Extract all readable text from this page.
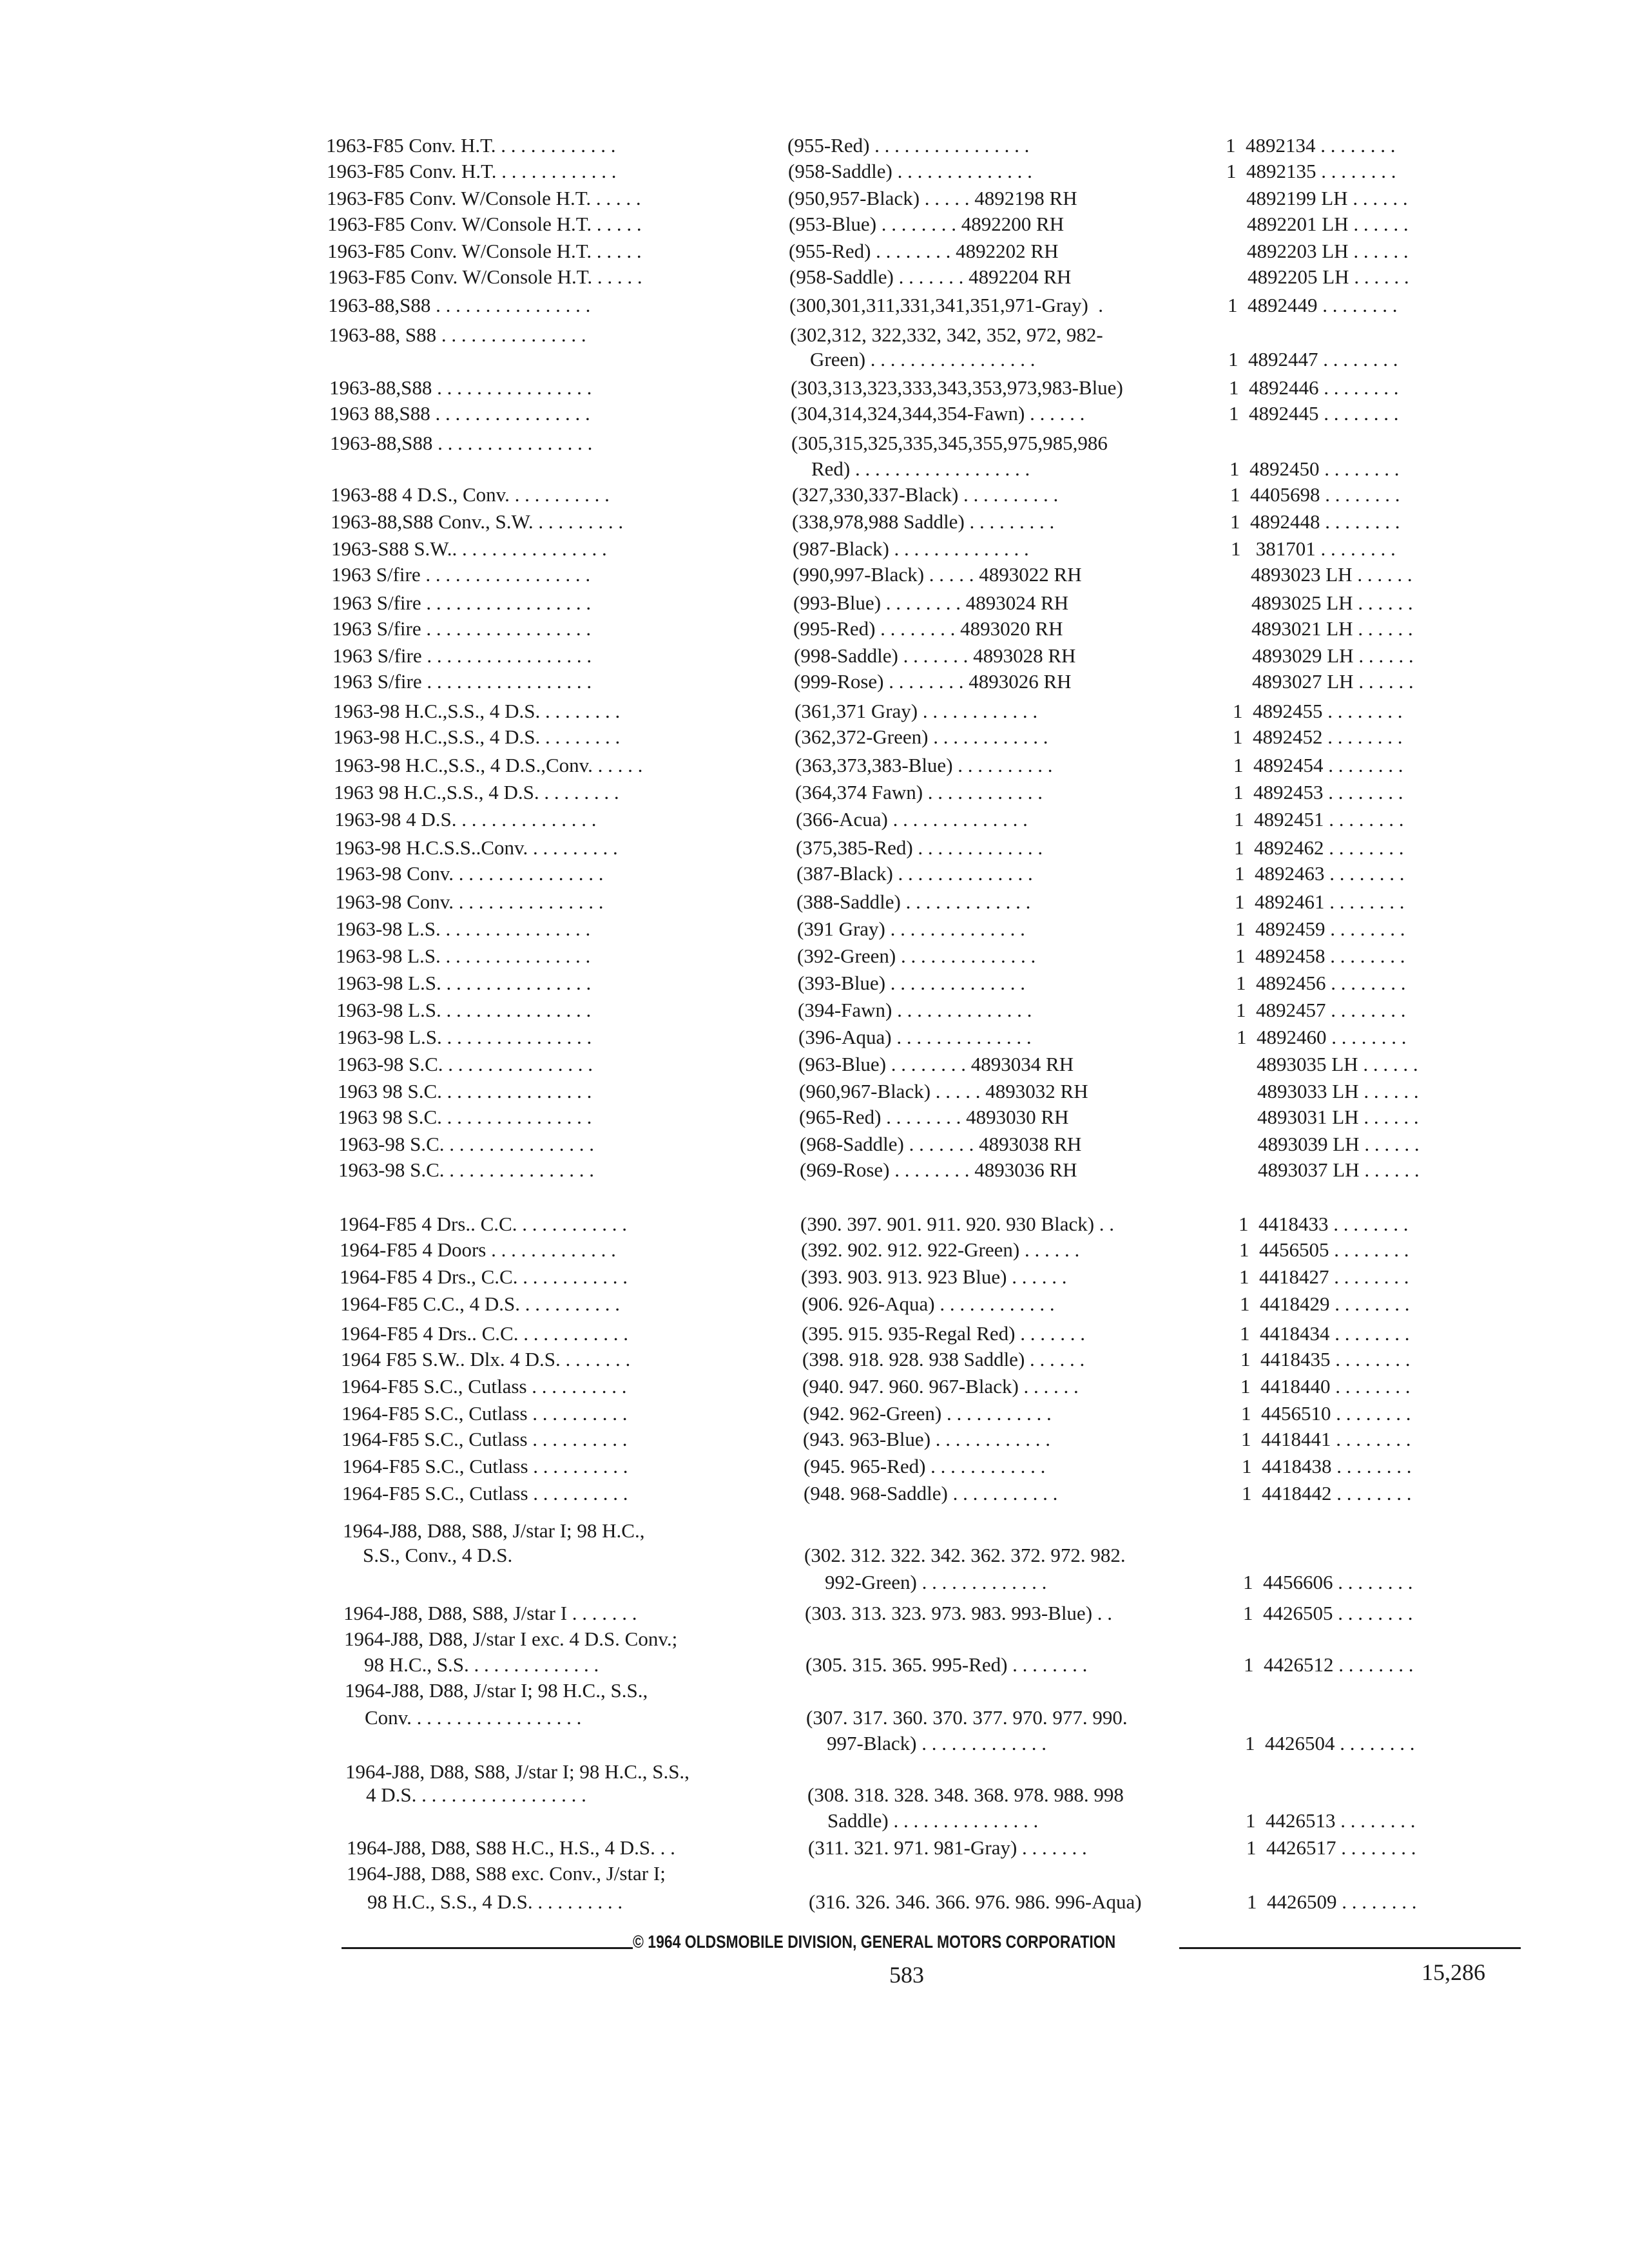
1963-F85 Conv. H.T. . . . . . . . . . . . .	(955-Red) . . . . . . . . . . . . . . . .	1  4892134 . . . . . . . .
1963-F85 Conv. H.T. . . . . . . . . . . . .	(958-Saddle) . . . . . . . . . . . . . .	1  4892135 . . . . . . . .
1963-F85 Conv. W/Console H.T. . . . . .	(950,957-Black) . . . . . 4892198 RH	4892199 LH . . . . . .
1963-F85 Conv. W/Console H.T. . . . . .	(953-Blue) . . . . . . . . 4892200 RH	4892201 LH . . . . . .
1963-F85 Conv. W/Console H.T. . . . . .	(955-Red) . . . . . . . . 4892202 RH	4892203 LH . . . . . .
1963-F85 Conv. W/Console H.T. . . . . .	(958-Saddle) . . . . . . . 4892204 RH	4892205 LH . . . . . .
1963-88,S88 . . . . . . . . . . . . . . . .	(300,301,311,331,341,351,971-Gray)  .	1  4892449 . . . . . . . .
1963-88, S88 . . . . . . . . . . . . . . .	(302,312, 322,332, 342, 352, 972, 982-
Green) . . . . . . . . . . . . . . . . .	1  4892447 . . . . . . . .
1963-88,S88 . . . . . . . . . . . . . . . .	(303,313,323,333,343,353,973,983-Blue)	1  4892446 . . . . . . . .
1963 88,S88 . . . . . . . . . . . . . . . .	(304,314,324,344,354-Fawn) . . . . . .	1  4892445 . . . . . . . .
1963-88,S88 . . . . . . . . . . . . . . . .	(305,315,325,335,345,355,975,985,986
Red) . . . . . . . . . . . . . . . . . .	1  4892450 . . . . . . . .
1963-88 4 D.S., Conv. . . . . . . . . . .	(327,330,337-Black) . . . . . . . . . .	1  4405698 . . . . . . . .
1963-88,S88 Conv., S.W. . . . . . . . . .	(338,978,988 Saddle) . . . . . . . . .	1  4892448 . . . . . . . .
1963-S88 S.W.. . . . . . . . . . . . . . . .	(987-Black) . . . . . . . . . . . . . .	1   381701 . . . . . . . .
1963 S/fire . . . . . . . . . . . . . . . . .	(990,997-Black) . . . . . 4893022 RH	4893023 LH . . . . . .
1963 S/fire . . . . . . . . . . . . . . . . .	(993-Blue) . . . . . . . . 4893024 RH	4893025 LH . . . . . .
1963 S/fire . . . . . . . . . . . . . . . . .	(995-Red) . . . . . . . . 4893020 RH	4893021 LH . . . . . .
1963 S/fire . . . . . . . . . . . . . . . . .	(998-Saddle) . . . . . . . 4893028 RH	4893029 LH . . . . . .
1963 S/fire . . . . . . . . . . . . . . . . .	(999-Rose) . . . . . . . . 4893026 RH	4893027 LH . . . . . .
1963-98 H.C.,S.S., 4 D.S. . . . . . . . .	(361,371 Gray) . . . . . . . . . . . .	1  4892455 . . . . . . . .
1963-98 H.C.,S.S., 4 D.S. . . . . . . . .	(362,372-Green) . . . . . . . . . . . .	1  4892452 . . . . . . . .
1963-98 H.C.,S.S., 4 D.S.,Conv. . . . . .	(363,373,383-Blue) . . . . . . . . . .	1  4892454 . . . . . . . .
1963 98 H.C.,S.S., 4 D.S. . . . . . . . .	(364,374 Fawn) . . . . . . . . . . . .	1  4892453 . . . . . . . .
1963-98 4 D.S. . . . . . . . . . . . . . .	(366-Acua) . . . . . . . . . . . . . .	1  4892451 . . . . . . . .
1963-98 H.C.S.S..Conv. . . . . . . . . .	(375,385-Red) . . . . . . . . . . . . .	1  4892462 . . . . . . . .
1963-98 Conv. . . . . . . . . . . . . . . .	(387-Black) . . . . . . . . . . . . . .	1  4892463 . . . . . . . .
1963-98 Conv. . . . . . . . . . . . . . . .	(388-Saddle) . . . . . . . . . . . . .	1  4892461 . . . . . . . .
1963-98 L.S. . . . . . . . . . . . . . . .	(391 Gray) . . . . . . . . . . . . . .	1  4892459 . . . . . . . .
1963-98 L.S. . . . . . . . . . . . . . . .	(392-Green) . . . . . . . . . . . . . .	1  4892458 . . . . . . . .
1963-98 L.S. . . . . . . . . . . . . . . .	(393-Blue) . . . . . . . . . . . . . .	1  4892456 . . . . . . . .
1963-98 L.S. . . . . . . . . . . . . . . .	(394-Fawn) . . . . . . . . . . . . . .	1  4892457 . . . . . . . .
1963-98 L.S. . . . . . . . . . . . . . . .	(396-Aqua) . . . . . . . . . . . . . .	1  4892460 . . . . . . . .
1963-98 S.C. . . . . . . . . . . . . . . .	(963-Blue) . . . . . . . . 4893034 RH	4893035 LH . . . . . .
1963 98 S.C. . . . . . . . . . . . . . . .	(960,967-Black) . . . . . 4893032 RH	4893033 LH . . . . . .
1963 98 S.C. . . . . . . . . . . . . . . .	(965-Red) . . . . . . . . 4893030 RH	4893031 LH . . . . . .
1963-98 S.C. . . . . . . . . . . . . . . .	(968-Saddle) . . . . . . . 4893038 RH	4893039 LH . . . . . .
1963-98 S.C. . . . . . . . . . . . . . . .	(969-Rose) . . . . . . . . 4893036 RH	4893037 LH . . . . . .
1964-F85 4 Drs.. C.C. . . . . . . . . . . .	(390. 397. 901. 911. 920. 930 Black) . .	1  4418433 . . . . . . . .
1964-F85 4 Doors . . . . . . . . . . . . .	(392. 902. 912. 922-Green) . . . . . .	1  4456505 . . . . . . . .
1964-F85 4 Drs., C.C. . . . . . . . . . . .	(393. 903. 913. 923 Blue) . . . . . .	1  4418427 . . . . . . . .
1964-F85 C.C., 4 D.S. . . . . . . . . . .	(906. 926-Aqua) . . . . . . . . . . . .	1  4418429 . . . . . . . .
1964-F85 4 Drs.. C.C. . . . . . . . . . . .	(395. 915. 935-Regal Red) . . . . . . .	1  4418434 . . . . . . . .
1964 F85 S.W.. Dlx. 4 D.S. . . . . . . .	(398. 918. 928. 938 Saddle) . . . . . .	1  4418435 . . . . . . . .
1964-F85 S.C., Cutlass . . . . . . . . . .	(940. 947. 960. 967-Black) . . . . . .	1  4418440 . . . . . . . .
1964-F85 S.C., Cutlass . . . . . . . . . .	(942. 962-Green) . . . . . . . . . . .	1  4456510 . . . . . . . .
1964-F85 S.C., Cutlass . . . . . . . . . .	(943. 963-Blue) . . . . . . . . . . . .	1  4418441 . . . . . . . .
1964-F85 S.C., Cutlass . . . . . . . . . .	(945. 965-Red) . . . . . . . . . . . .	1  4418438 . . . . . . . .
1964-F85 S.C., Cutlass . . . . . . . . . .	(948. 968-Saddle) . . . . . . . . . . .	1  4418442 . . . . . . . .
1964-J88, D88, S88, J/star I; 98 H.C.,
S.S., Conv., 4 D.S.	(302. 312. 322. 342. 362. 372. 972. 982.
992-Green) . . . . . . . . . . . . .	1  4456606 . . . . . . . .
1964-J88, D88, S88, J/star I . . . . . . .	(303. 313. 323. 973. 983. 993-Blue) . .	1  4426505 . . . . . . . .
1964-J88, D88, J/star I exc. 4 D.S. Conv.;
98 H.C., S.S. . . . . . . . . . . . . .	(305. 315. 365. 995-Red) . . . . . . . .	1  4426512 . . . . . . . .
1964-J88, D88, J/star I; 98 H.C., S.S.,
Conv. . . . . . . . . . . . . . . . . .	(307. 317. 360. 370. 377. 970. 977. 990.
997-Black) . . . . . . . . . . . . .	1  4426504 . . . . . . . .
1964-J88, D88, S88, J/star I; 98 H.C., S.S.,
4 D.S. . . . . . . . . . . . . . . . . .	(308. 318. 328. 348. 368. 978. 988. 998
Saddle) . . . . . . . . . . . . . . .	1  4426513 . . . . . . . .
1964-J88, D88, S88 H.C., H.S., 4 D.S. . .	(311. 321. 971. 981-Gray) . . . . . . .	1  4426517 . . . . . . . .
1964-J88, D88, S88 exc. Conv., J/star I;
98 H.C., S.S., 4 D.S. . . . . . . . . .	(316. 326. 346. 366. 976. 986. 996-Aqua)	1  4426509 . . . . . . . .
© 1964 OLDSMOBILE DIVISION, GENERAL MOTORS CORPORATION
583	15,286
